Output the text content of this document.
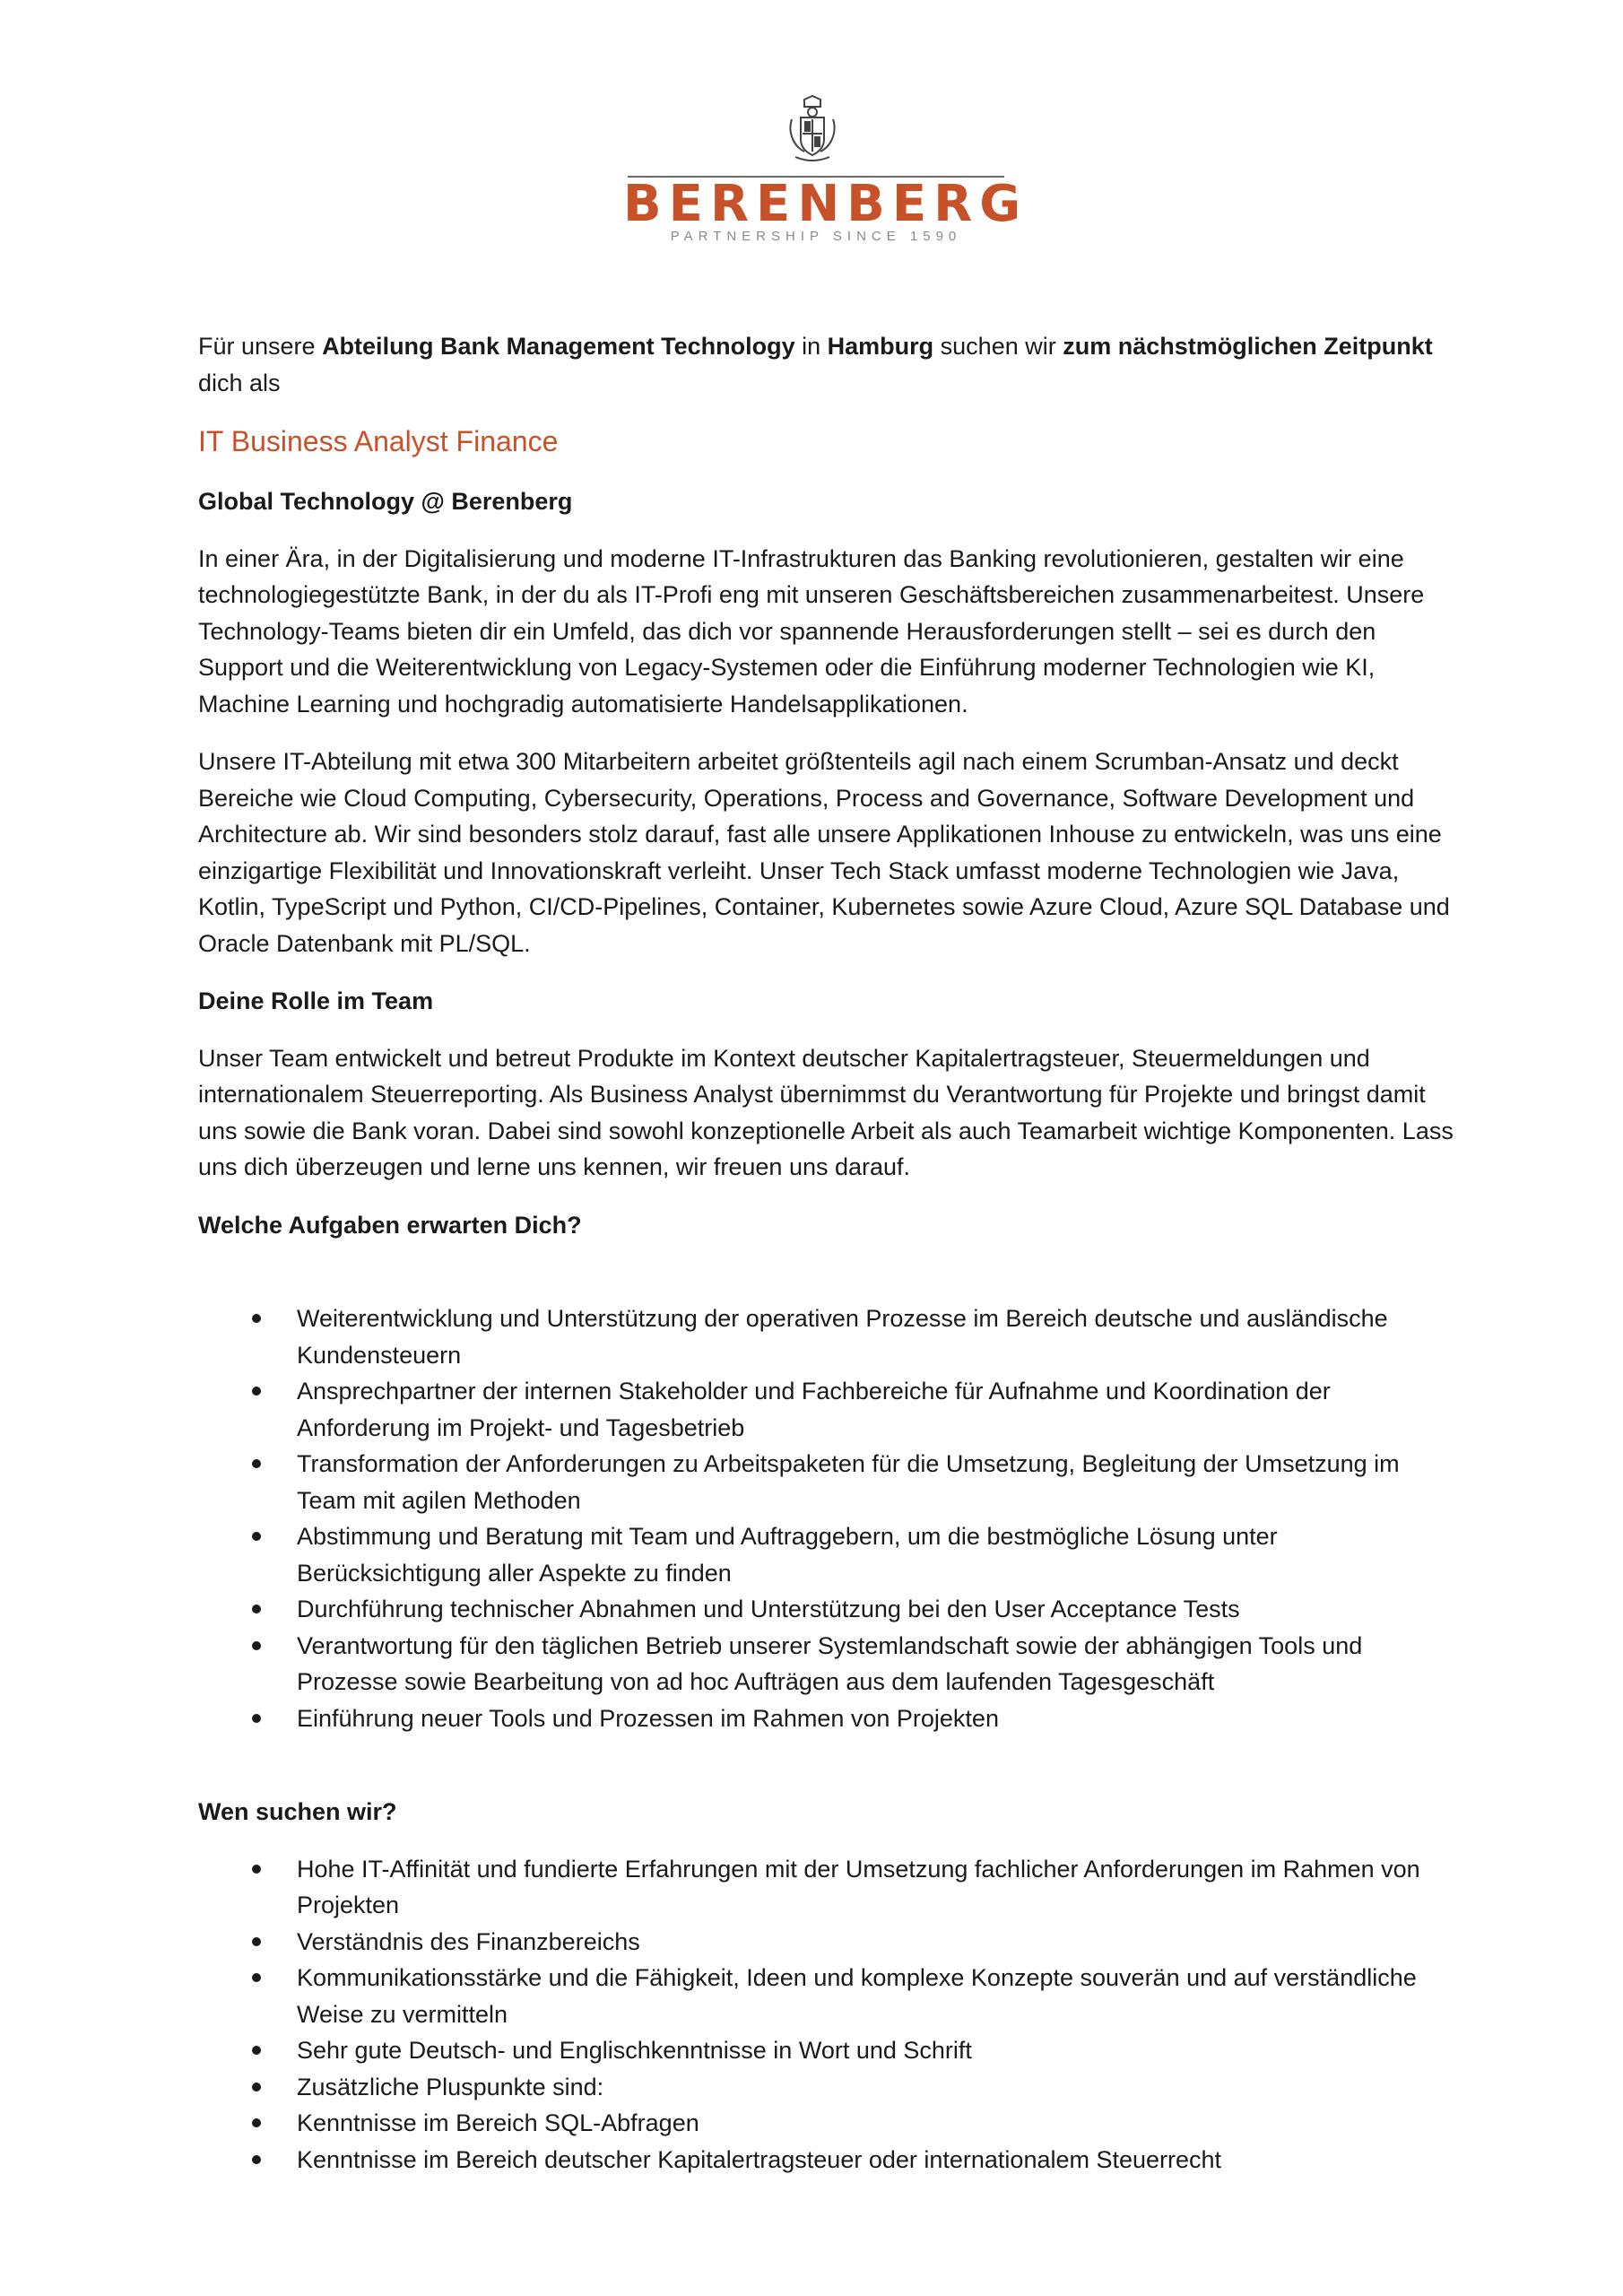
BERENBERG
PARTNERSHIP SINCE 1590

Für unsere Abteilung Bank Management Technology in Hamburg suchen wir zum nächstmöglichen Zeitpunkt dich als

IT Business Analyst Finance

Global Technology @ Berenberg

In einer Ära, in der Digitalisierung und moderne IT-Infrastrukturen das Banking revolutionieren, gestalten wir eine technologiegestützte Bank, in der du als IT-Profi eng mit unseren Geschäftsbereichen zusammenarbeitest. Unsere Technology-Teams bieten dir ein Umfeld, das dich vor spannende Herausforderungen stellt – sei es durch den Support und die Weiterentwicklung von Legacy-Systemen oder die Einführung moderner Technologien wie KI, Machine Learning und hochgradig automatisierte Handelsapplikationen.

Unsere IT-Abteilung mit etwa 300 Mitarbeitern arbeitet größtenteils agil nach einem Scrumban-Ansatz und deckt Bereiche wie Cloud Computing, Cybersecurity, Operations, Process and Governance, Software Development und Architecture ab. Wir sind besonders stolz darauf, fast alle unsere Applikationen Inhouse zu entwickeln, was uns eine einzigartige Flexibilität und Innovationskraft verleiht. Unser Tech Stack umfasst moderne Technologien wie Java, Kotlin, TypeScript und Python, CI/CD-Pipelines, Container, Kubernetes sowie Azure Cloud, Azure SQL Database und Oracle Datenbank mit PL/SQL.

Deine Rolle im Team

Unser Team entwickelt und betreut Produkte im Kontext deutscher Kapitalertragsteuer, Steuermeldungen und internationalem Steuerreporting. Als Business Analyst übernimmst du Verantwortung für Projekte und bringst damit uns sowie die Bank voran. Dabei sind sowohl konzeptionelle Arbeit als auch Teamarbeit wichtige Komponenten. Lass uns dich überzeugen und lerne uns kennen, wir freuen uns darauf.

Welche Aufgaben erwarten Dich?

Weiterentwicklung und Unterstützung der operativen Prozesse im Bereich deutsche und ausländische Kundensteuern
Ansprechpartner der internen Stakeholder und Fachbereiche für Aufnahme und Koordination der Anforderung im Projekt- und Tagesbetrieb
Transformation der Anforderungen zu Arbeitspaketen für die Umsetzung, Begleitung der Umsetzung im Team mit agilen Methoden
Abstimmung und Beratung mit Team und Auftraggebern, um die bestmögliche Lösung unter Berücksichtigung aller Aspekte zu finden
Durchführung technischer Abnahmen und Unterstützung bei den User Acceptance Tests
Verantwortung für den täglichen Betrieb unserer Systemlandschaft sowie der abhängigen Tools und Prozesse sowie Bearbeitung von ad hoc Aufträgen aus dem laufenden Tagesgeschäft
Einführung neuer Tools und Prozessen im Rahmen von Projekten

Wen suchen wir?

Hohe IT-Affinität und fundierte Erfahrungen mit der Umsetzung fachlicher Anforderungen im Rahmen von Projekten
Verständnis des Finanzbereichs
Kommunikationsstärke und die Fähigkeit, Ideen und komplexe Konzepte souverän und auf verständliche Weise zu vermitteln
Sehr gute Deutsch- und Englischkenntnisse in Wort und Schrift
Zusätzliche Pluspunkte sind:
Kenntnisse im Bereich SQL-Abfragen
Kenntnisse im Bereich deutscher Kapitalertragsteuer oder internationalem Steuerrecht
